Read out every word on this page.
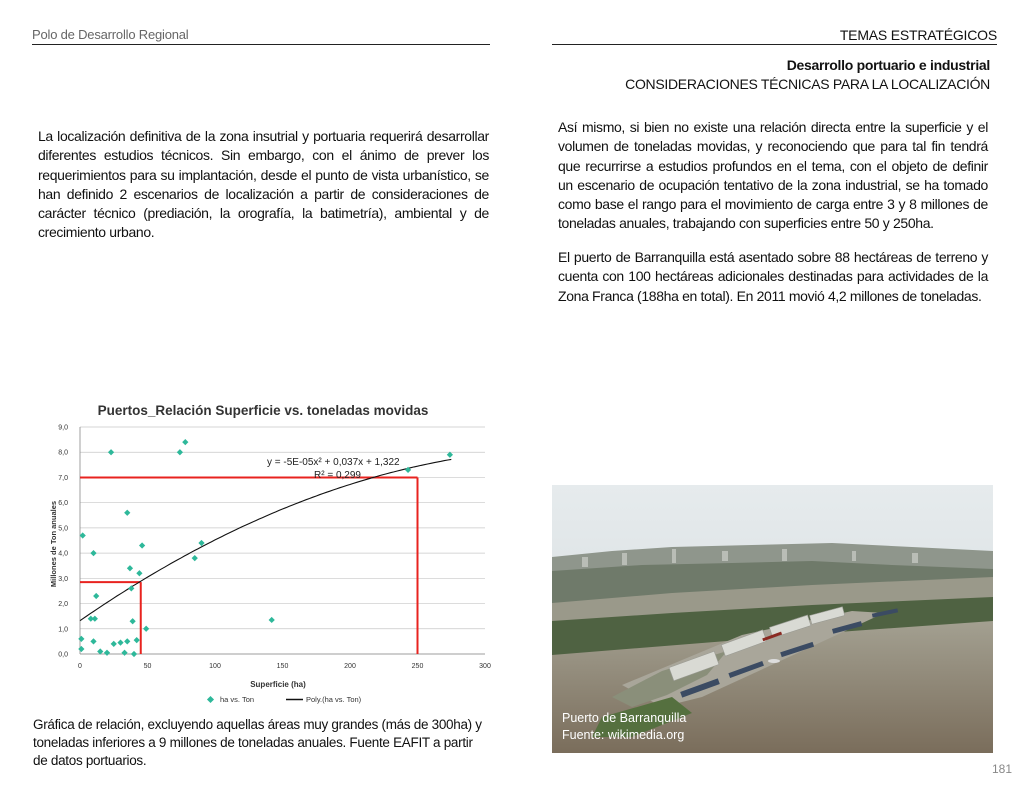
Polo de Desarrollo Regional	TEMAS ESTRATÉGICOS
Desarrollo portuario e industrial
CONSIDERACIONES TÉCNICAS PARA LA LOCALIZACIÓN
La localización definitiva de la zona insutrial y portuaria requerirá desarrollar diferentes estudios técnicos. Sin embargo, con el ánimo de prever los requerimientos para su implantación, desde el punto de vista urbanístico, se han definido 2 escenarios de localización a partir de consideraciones de carácter técnico (prediación, la orografía, la batimetría), ambiental y de crecimiento urbano.
Así mismo, si bien no existe una relación directa entre la superficie y el volumen de toneladas movidas, y reconociendo que para tal fin tendrá que recurrirse a estudios profundos en el tema, con el objeto de definir un escenario de ocupación tentativo de la zona industrial, se ha tomado como base el rango para el movimiento de carga entre 3 y 8 millones de toneladas anuales, trabajando con superficies entre 50 y 250ha.
El puerto de Barranquilla está asentado sobre 88 hectáreas de terreno y cuenta con 100 hectáreas adicionales destinadas para actividades de la Zona Franca (188ha en total). En 2011 movió 4,2 millones de toneladas.
Puertos_Relación Superficie vs. toneladas movidas
0,0
1,0
2,0
3,0
4,0
5,0
6,0
7,0
8,0
9,0
0	50	100	150	200	250	300
y = -5E-05x² + 0,037x + 1,322
R² = 0,299
Superficie (ha)
Millones de Ton anuales
ha vs. Ton	Poly.(ha vs. Ton)
Gráfica de relación, excluyendo aquellas áreas muy grandes (más de 300ha) y toneladas inferiores a 9 millones de toneladas anuales. Fuente EAFIT a partir de datos portuarios.
Puerto de Barranquilla
Fuente: wikimedia.org
181
